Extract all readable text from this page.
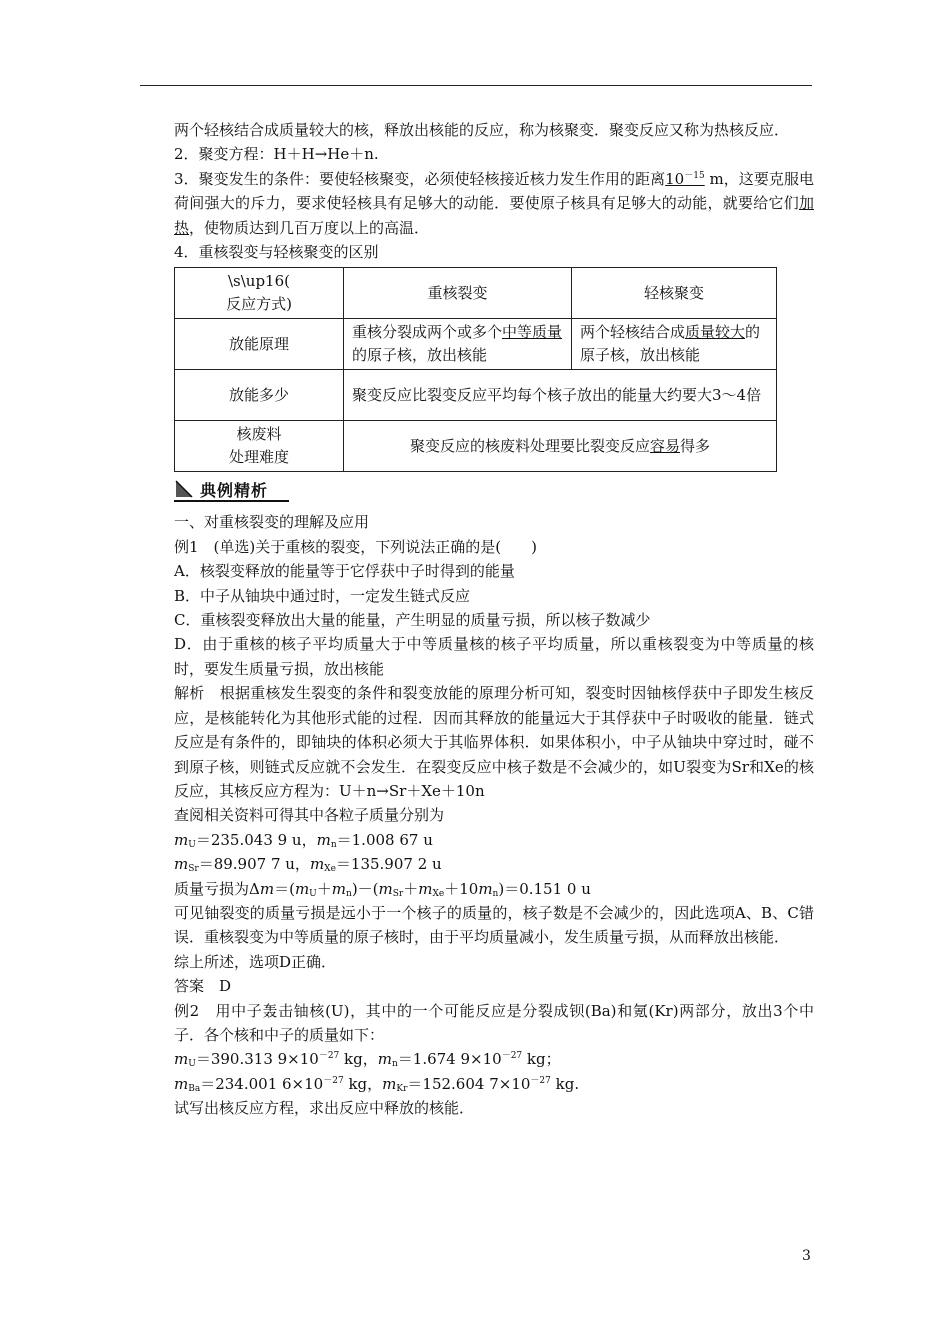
两个轻核结合成质量较大的核，释放出核能的反应，称为核聚变．聚变反应又称为热核反应．

2．聚变方程：H＋H→He＋n.

3．聚变发生的条件：要使轻核聚变，必须使轻核接近核力发生作用的距离$10^{-15}$ m，这要克服电荷间强大的斥力，要求使轻核具有足够大的动能．要使原子核具有足够大的动能，就要给它们加热，使物质达到几百万度以上的高温．

4．重核裂变与轻核聚变的区别

\s\up16(
反应方式)	重核裂变	轻核聚变
放能原理	重核分裂成两个或多个中等质量的原子核，放出核能	两个轻核结合成质量较大的原子核，放出核能
放能多少	聚变反应比裂变反应平均每个核子放出的能量大约要大3～4倍	

核废料
处理难度	聚变反应的核废料处理要比裂变反应容易得多	
典例精析

一、对重核裂变的理解及应用

例1　(单选)关于重核的裂变，下列说法正确的是(　　)

A．核裂变释放的能量等于它俘获中子时得到的能量

B．中子从铀块中通过时，一定发生链式反应

C．重核裂变释放出大量的能量，产生明显的质量亏损，所以核子数减少

D．由于重核的核子平均质量大于中等质量核的核子平均质量，所以重核裂变为中等质量的核时，要发生质量亏损，放出核能

解析　根据重核发生裂变的条件和裂变放能的原理分析可知，裂变时因铀核俘获中子即发生核反应，是核能转化为其他形式能的过程．因而其释放的能量远大于其俘获中子时吸收的能量．链式反应是有条件的，即铀块的体积必须大于其临界体积．如果体积小，中子从铀块中穿过时，碰不到原子核，则链式反应就不会发生．在裂变反应中核子数是不会减少的，如U裂变为Sr和Xe的核反应，其核反应方程为：U＋n→Sr＋Xe＋10n

查阅相关资料可得其中各粒子质量分别为

$m_U=235.043$ 9 u，$m_n=1.008$ 67 u

$m_{Sr}=89.907$ 7 u，$m_{Xe}=135.907$ 2 u

质量亏损为$\Delta m=(m_U+m_n)-(m_{Sr}+m_{Xe}+10m_n)=0.151$ 0 u

可见铀裂变的质量亏损是远小于一个核子的质量的，核子数是不会减少的，因此选项A、B、C错误．重核裂变为中等质量的原子核时，由于平均质量减小，发生质量亏损，从而释放出核能．

综上所述，选项D正确．

答案　D

例2　用中子轰击铀核(U)，其中的一个可能反应是分裂成钡(Ba)和氪(Kr)两部分，放出3个中子．各个核和中子的质量如下：

$m_U=390.313$ $9\times 10^{-27}$ kg，$m_n=1.674$ $9\times 10^{-27}$ kg；

$m_{Ba}=234.001$ $6\times 10^{-27}$ kg，$m_{Kr}=152.604$ $7\times 10^{-27}$ kg.

试写出核反应方程，求出反应中释放的核能．

3
